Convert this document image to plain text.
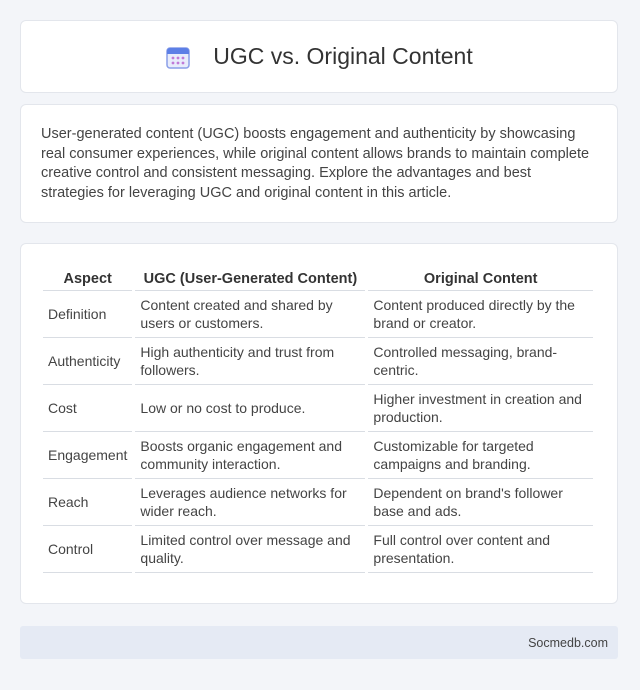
UGC vs. Original Content

User-generated content (UGC) boosts engagement and authenticity by showcasing real consumer experiences, while original content allows brands to maintain complete creative control and consistent messaging. Explore the advantages and best strategies for leveraging UGC and original content in this article.

Aspect	UGC (User-Generated Content)	Original Content
Definition	Content created and shared by users or customers.	Content produced directly by the brand or creator.
Authenticity	High authenticity and trust from followers.	Controlled messaging, brand-centric.
Cost	Low or no cost to produce.	Higher investment in creation and production.
Engagement	Boosts organic engagement and community interaction.	Customizable for targeted campaigns and branding.
Reach	Leverages audience networks for wider reach.	Dependent on brand's follower base and ads.
Control	Limited control over message and quality.	Full control over content and presentation.
Socmedb.com
